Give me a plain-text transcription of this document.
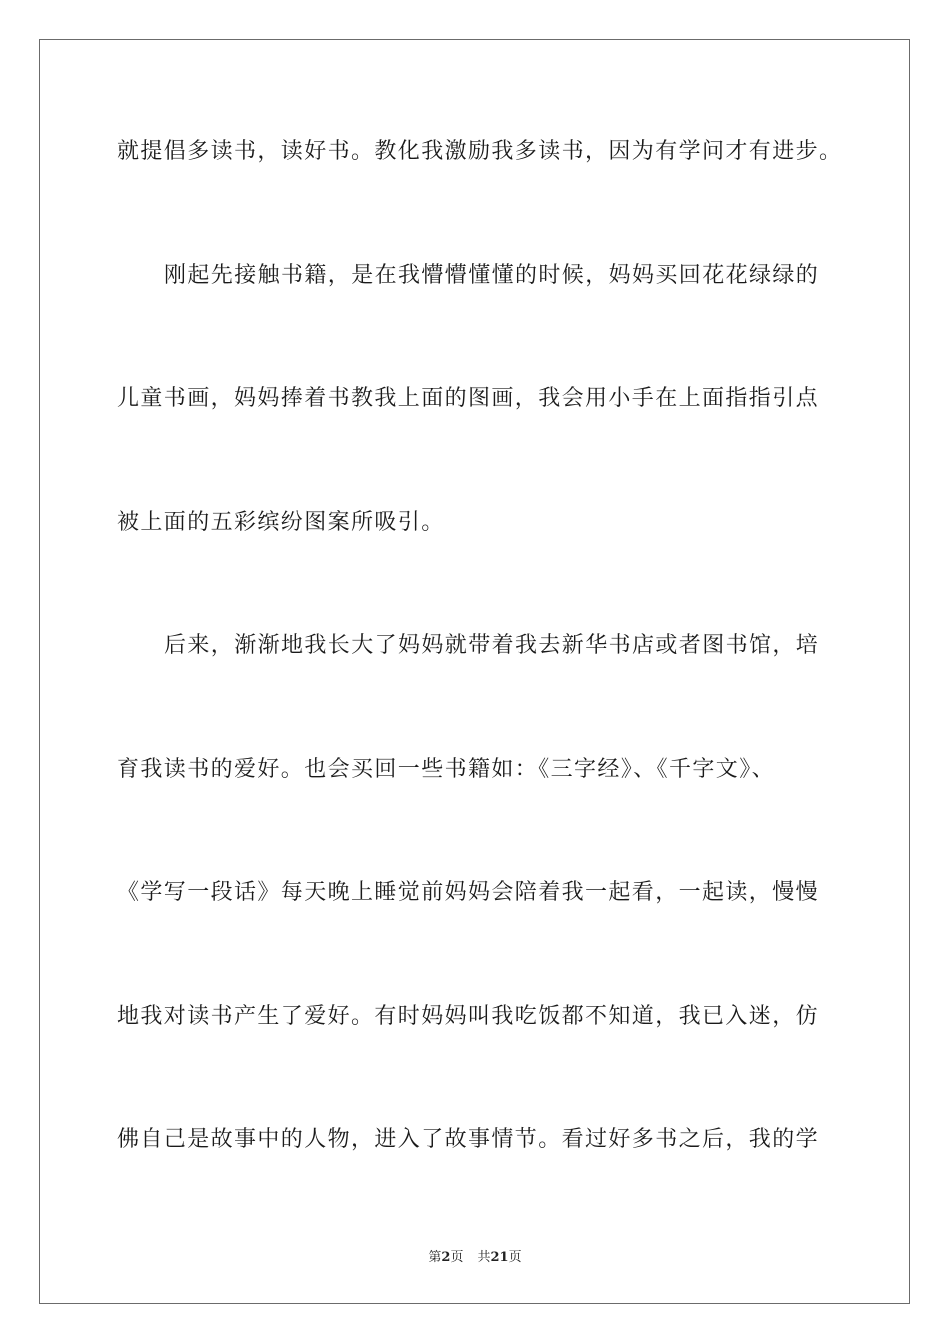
就提倡多读书，读好书。教化我激励我多读书，因为有学问才有进步。

刚起先接触书籍，是在我懵懵懂懂的时候，妈妈买回花花绿绿的

儿童书画，妈妈捧着书教我上面的图画，我会用小手在上面指指引点

被上面的五彩缤纷图案所吸引。

后来，渐渐地我长大了妈妈就带着我去新华书店或者图书馆，培

育我读书的爱好。也会买回一些书籍如：《三字经》、《千字文》、

《学写一段话》每天晚上睡觉前妈妈会陪着我一起看，一起读，慢慢

地我对读书产生了爱好。有时妈妈叫我吃饭都不知道，我已入迷，仿

佛自己是故事中的人物，进入了故事情节。看过好多书之后，我的学

第2页 共21页
